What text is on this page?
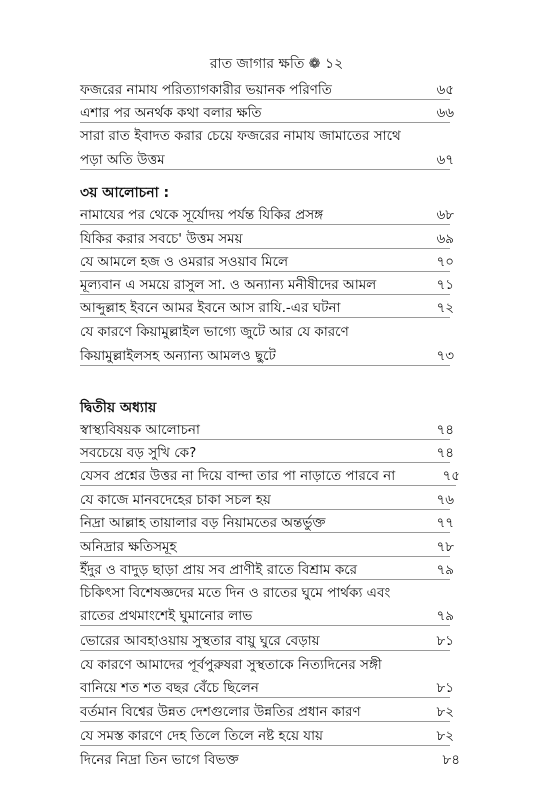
রাত জাগার ক্ষতি ❁ ১২
ফজরের নামায পরিত্যাগকারীর ভয়ানক পরিণতি	৬৫
এশার পর অনর্থক কথা বলার ক্ষতি	৬৬
সারা রাত ইবাদত করার চেয়ে ফজরের নামায জামাতের সাথে
পড়া অতি উত্তম	৬৭
৩য় আলোচনা :
নামাযের পর থেকে সূর্যোদয় পর্যন্ত যিকির প্রসঙ্গ	৬৮
যিকির করার সবচে' উত্তম সময়	৬৯
যে আমলে হজ ও ওমরার সওয়াব মিলে	৭০
মূল্যবান এ সময়ে রাসুল সা. ও অন্যান্য মনীষীদের আমল	৭১
আব্দুল্লাহ ইবনে আমর ইবনে আস রাযি.-এর ঘটনা	৭২
যে কারণে কিয়ামুল্লাইল ভাগ্যে জুটে আর যে কারণে
কিয়ামুল্লাইলসহ অন্যান্য আমলও ছুটে	৭৩
দ্বিতীয় অধ্যায়
স্বাস্থ্যবিষয়ক আলোচনা	৭৪
সবচেয়ে বড় সুখি কে?	৭৪
যেসব প্রশ্নের উত্তর না দিয়ে বান্দা তার পা নাড়াতে পারবে না	৭৫
যে কাজে মানবদেহের চাকা সচল হয়	৭৬
নিদ্রা আল্লাহ তায়ালার বড় নিয়ামতের অন্তর্ভুক্ত	৭৭
অনিদ্রার ক্ষতিসমূহ	৭৮
ইঁদুর ও বাদুড় ছাড়া প্রায় সব প্রাণীই রাতে বিশ্রাম করে	৭৯
চিকিৎসা বিশেষজ্ঞদের মতে দিন ও রাতের ঘুমে পার্থক্য এবং
রাতের প্রথমাংশেই ঘুমানোর লাভ	৭৯
ভোরের আবহাওয়ায় সুস্থতার বায়ু ঘুরে বেড়ায়	৮১
যে কারণে আমাদের পূর্বপুরুষরা সুস্থতাকে নিত্যদিনের সঙ্গী
বানিয়ে শত শত বছর বেঁচে ছিলেন	৮১
বর্তমান বিশ্বের উন্নত দেশগুলোর উন্নতির প্রধান কারণ	৮২
যে সমস্ত কারণে দেহ তিলে তিলে নষ্ট হয়ে যায়	৮২
দিনের নিদ্রা তিন ভাগে বিভক্ত	৮৪
